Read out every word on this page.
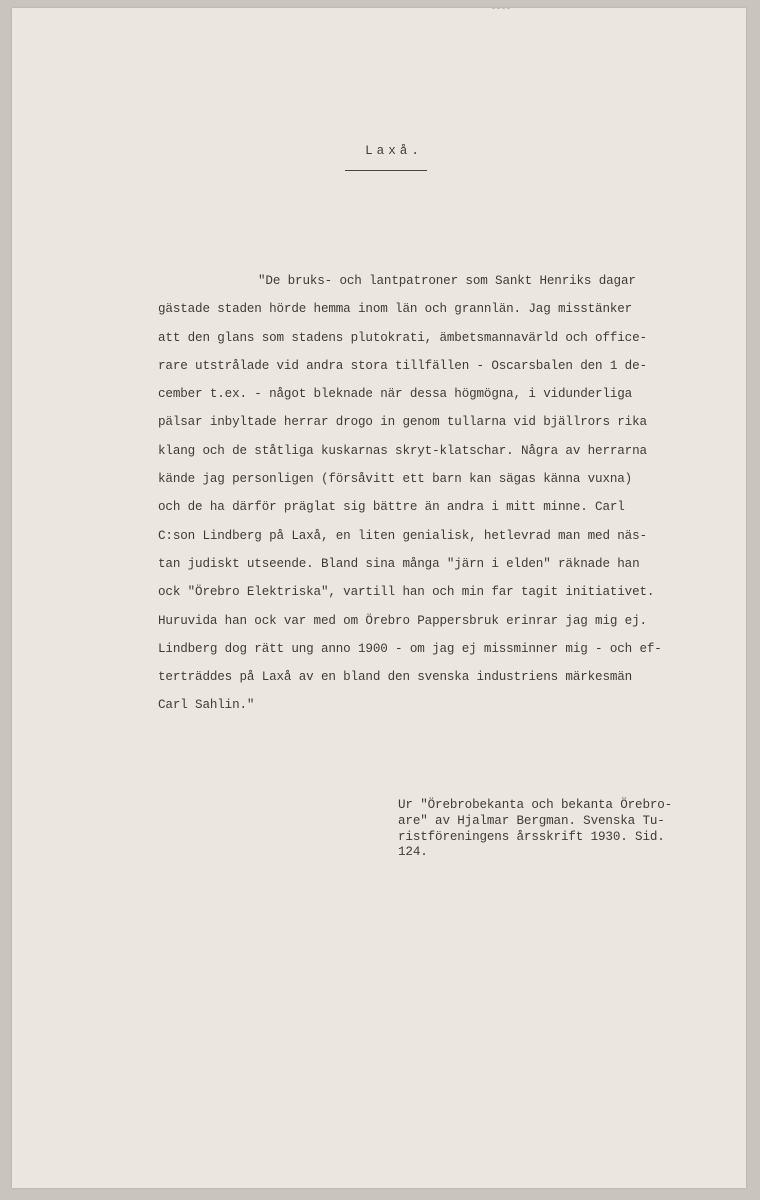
Laxå.
"De bruks- och lantpatroner som Sankt Henriks dagar
gästade staden hörde hemma inom län och grannlän. Jag misstänker
att den glans som stadens plutokrati, ämbetsmannavärld och office-
rare utstrålade vid andra stora tillfällen - Oscarsbalen den 1 de-
cember t.ex. - något bleknade när dessa högmögna, i vidunderliga
pälsar inbyltade herrar drogo in genom tullarna vid bjällrors rika
klang och de ståtliga kuskarnas skryt-klatschar. Några av herrarna
kände jag personligen (försåvitt ett barn kan sägas känna vuxna)
och de ha därför präglat sig bättre än andra i mitt minne. Carl
C:son Lindberg på Laxå, en liten genialisk, hetlevrad man med näs-
tan judiskt utseende. Bland sina många "järn i elden" räknade han
ock "Örebro Elektriska", vartill han och min far tagit initiativet.
Huruvida han ock var med om Örebro Pappersbruk erinrar jag mig ej.
Lindberg dog rätt ung anno 1900 - om jag ej missminner mig - och ef-
terträddes på Laxå av en bland den svenska industriens märkesmän
Carl Sahlin."
Ur "Örebrobekanta och bekanta Örebro-
are" av Hjalmar Bergman. Svenska Tu-
ristföreningens årsskrift 1930. Sid.
124.
